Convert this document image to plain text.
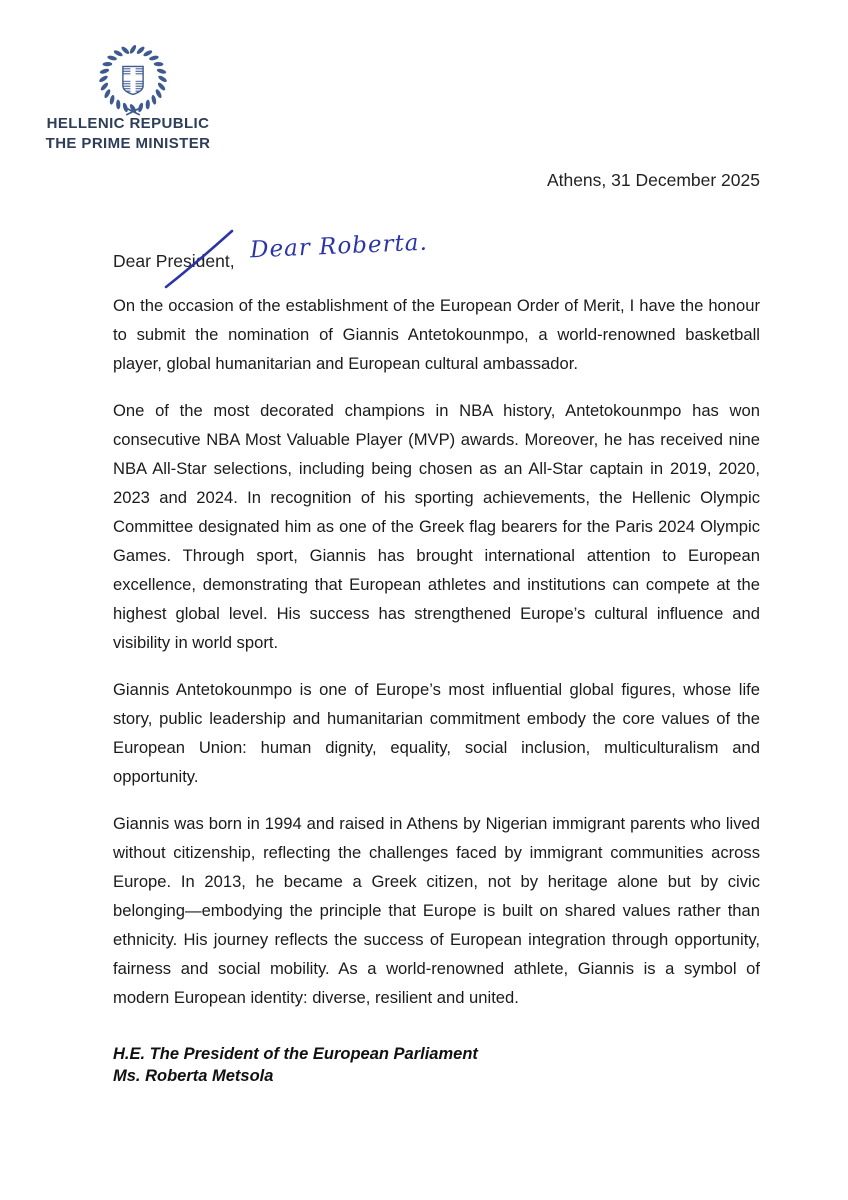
HELLENIC REPUBLIC
THE PRIME MINISTER
Athens, 31 December 2025
Dear President, Dear Roberta.

On the occasion of the establishment of the European Order of Merit, I have the honour to submit the nomination of Giannis Antetokounmpo, a world-renowned basketball player, global humanitarian and European cultural ambassador.

One of the most decorated champions in NBA history, Antetokounmpo has won consecutive NBA Most Valuable Player (MVP) awards. Moreover, he has received nine NBA All-Star selections, including being chosen as an All-Star captain in 2019, 2020, 2023 and 2024. In recognition of his sporting achievements, the Hellenic Olympic Committee designated him as one of the Greek flag bearers for the Paris 2024 Olympic Games. Through sport, Giannis has brought international attention to European excellence, demonstrating that European athletes and institutions can compete at the highest global level. His success has strengthened Europe’s cultural influence and visibility in world sport.

Giannis Antetokounmpo is one of Europe’s most influential global figures, whose life story, public leadership and humanitarian commitment embody the core values of the European Union: human dignity, equality, social inclusion, multiculturalism and opportunity.

Giannis was born in 1994 and raised in Athens by Nigerian immigrant parents who lived without citizenship, reflecting the challenges faced by immigrant communities across Europe. In 2013, he became a Greek citizen, not by heritage alone but by civic belonging—embodying the principle that Europe is built on shared values rather than ethnicity. His journey reflects the success of European integration through opportunity, fairness and social mobility. As a world-renowned athlete, Giannis is a symbol of modern European identity: diverse, resilient and united.

H.E. The President of the European Parliament
Ms. Roberta Metsola
